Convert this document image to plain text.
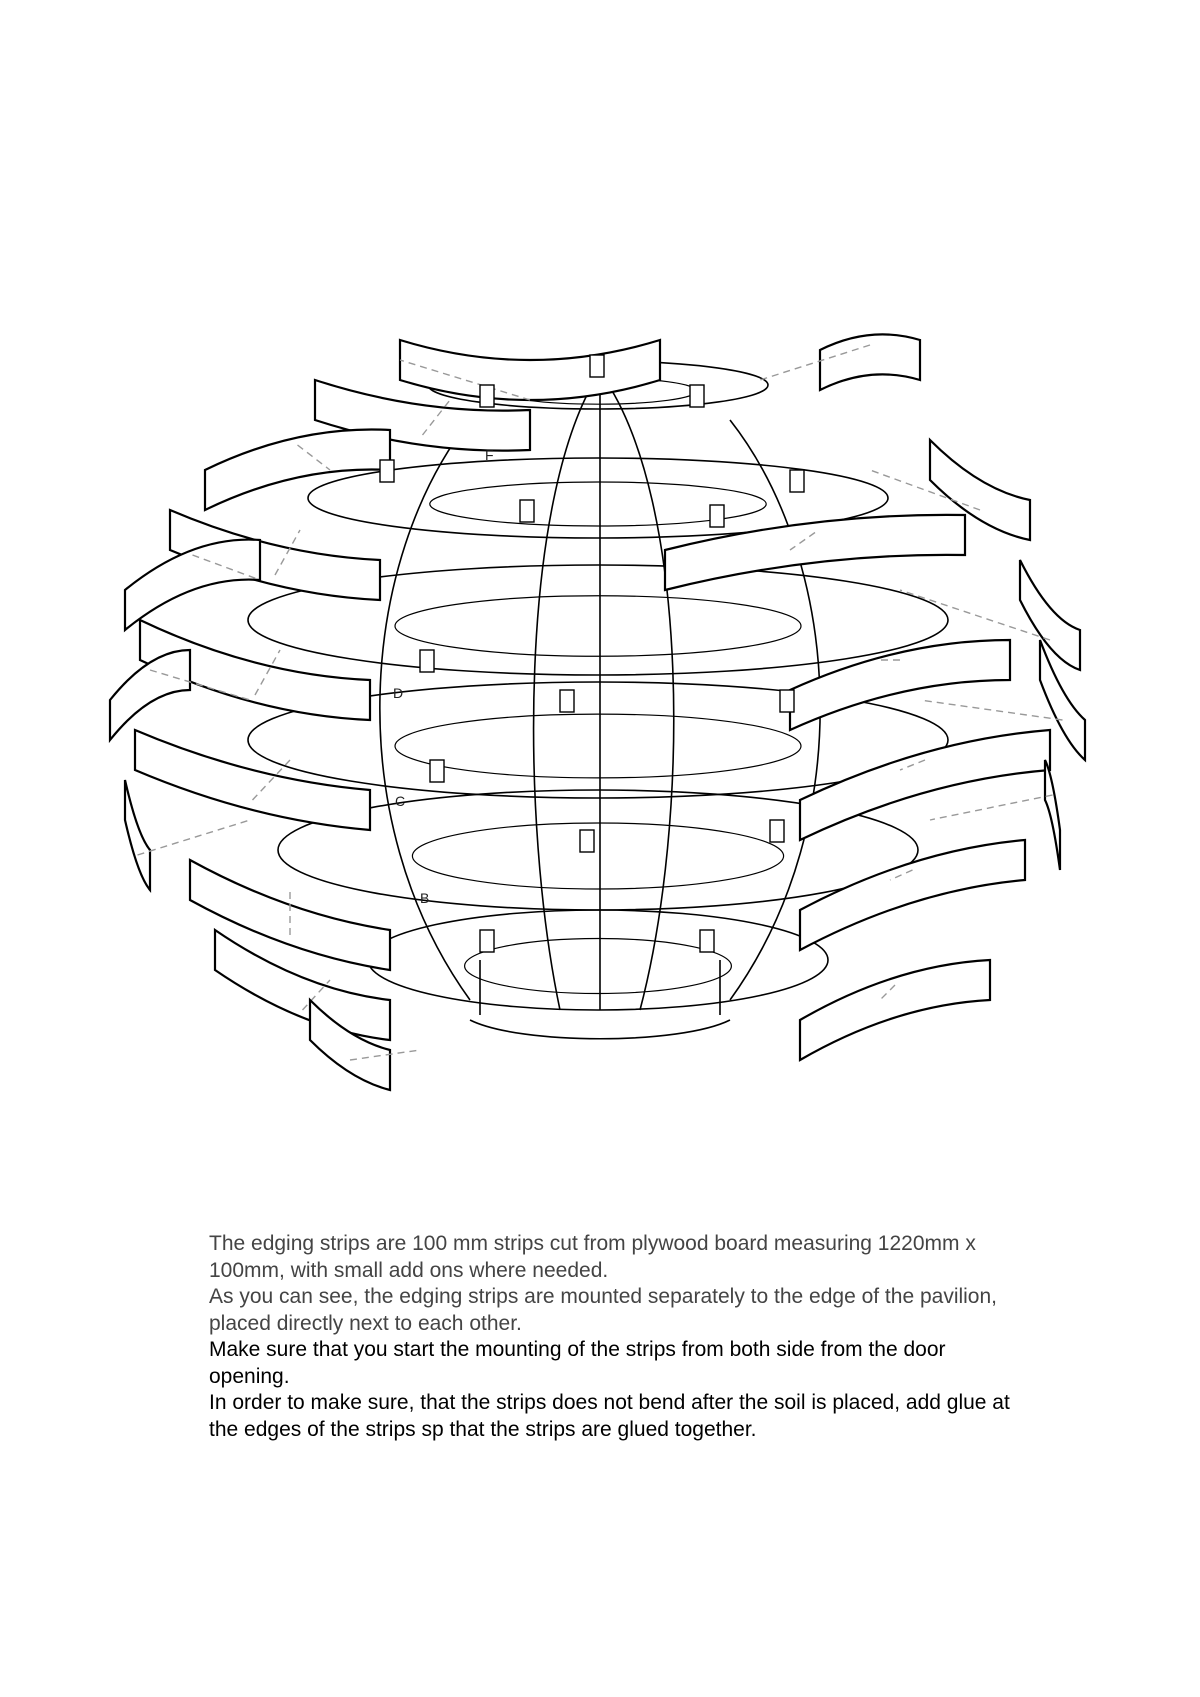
F
D
C
B

The edging strips are 100 mm strips cut from plywood board measuring 1220mm x 100mm, with small add ons where needed.

As you can see, the edging strips are mounted separately to the edge of the pavilion, placed directly next to each other.

Make sure that you start the mounting of the strips from both side from the door opening.

In order to make sure, that the strips does not bend after the soil is placed, add glue at the edges of the strips sp that the strips are glued together.
